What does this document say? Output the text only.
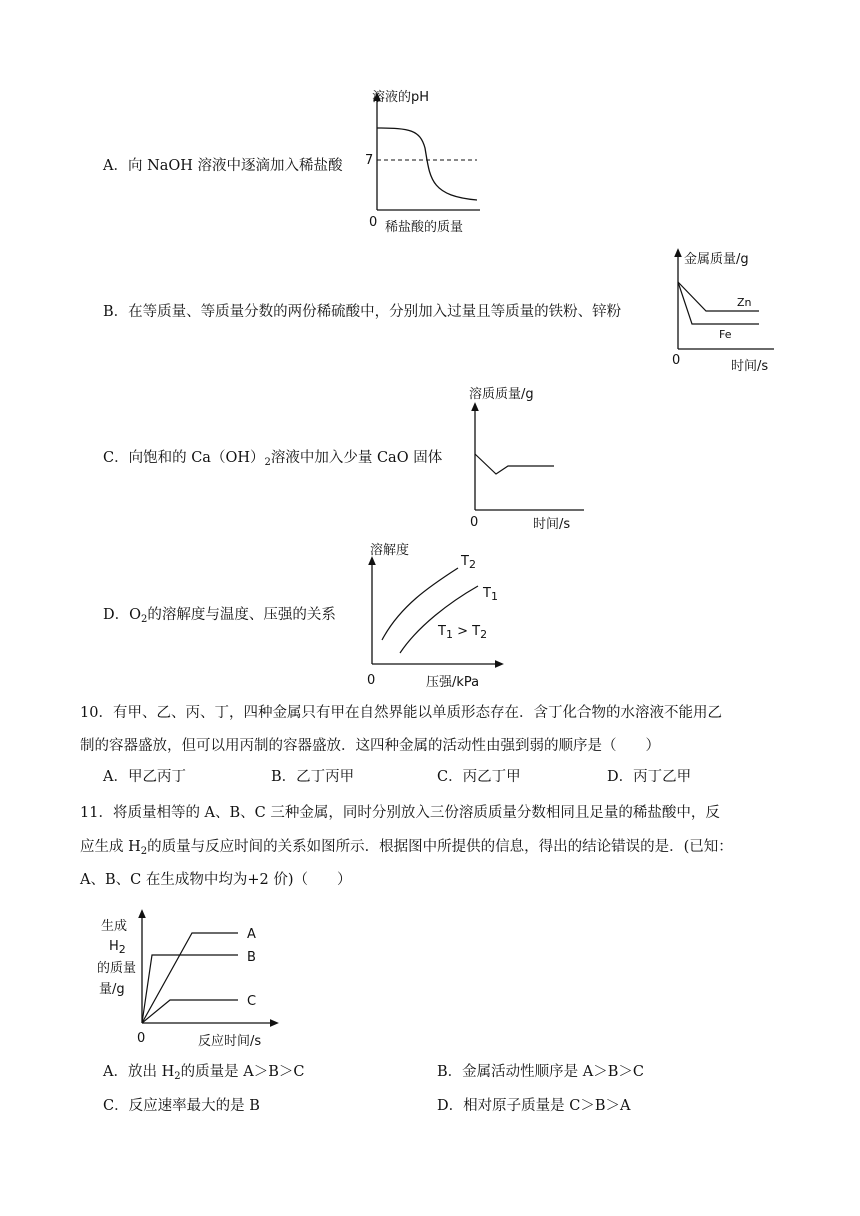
A．向 NaOH 溶液中逐滴加入稀盐酸
溶液的pH
7
0 稀盐酸的质量
B．在等质量、等质量分数的两份稀硫酸中，分别加入过量且等质量的铁粉、锌粉
金属质量/g
Zn
Fe
0	时间/s
C．向饱和的 $Ca(OH)_2$溶液中加入少量 CaO 固体
溶质质量/g
0	时间/s
D．$O_2$的溶解度与温度、压强的关系
溶解度
$T_2$
$T_1$
$T_1 > T_2$
0	压强/kPa
10．有甲、乙、丙、丁，四种金属只有甲在自然界能以单质形态存在．含丁化合物的水溶液不能用乙
制的容器盛放，但可以用丙制的容器盛放．这四种金属的活动性由强到弱的顺序是（　　）
A．甲乙丙丁	B．乙丁丙甲	C．丙乙丁甲	D．丙丁乙甲
11．将质量相等的 A、B、C 三种金属，同时分别放入三份溶质质量分数相同且足量的稀盐酸中，反
应生成 $H_2$的质量与反应时间的关系如图所示．根据图中所提供的信息，得出的结论错误的是．(已知：
A、B、C 在生成物中均为+2 价)（　　）
A
B
C
生成
$H_2$
的质量
量/g
0	反应时间/s
A．放出 $H_2$的质量是 A＞B＞C	B．金属活动性顺序是 A＞B＞C
C．反应速率最大的是 B	D．相对原子质量是 C＞B＞A
